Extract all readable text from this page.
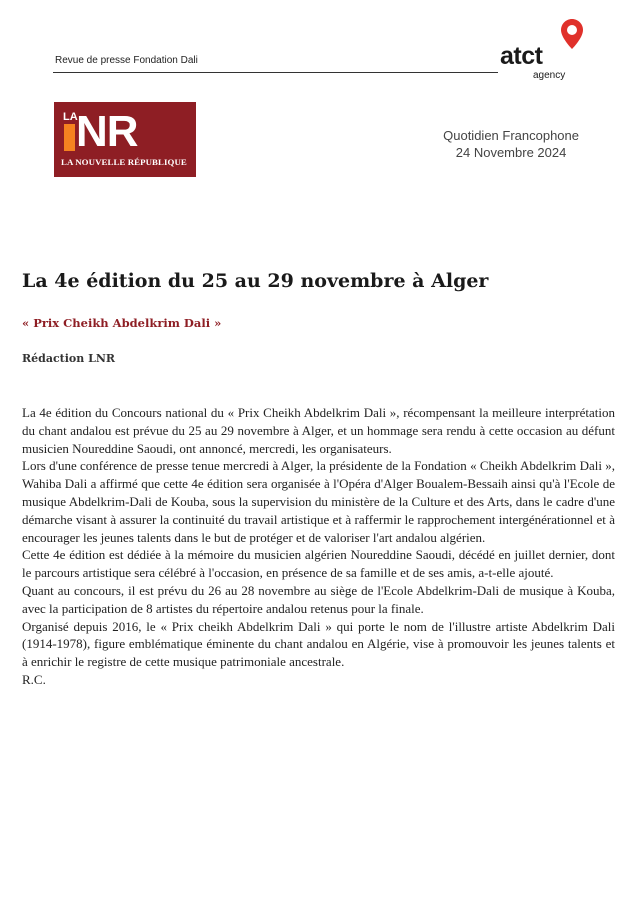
Revue de presse Fondation Dali	atct
agency
LA
NR
LA NOUVELLE RÉPUBLIQUE
Quotidien Francophone
24 Novembre 2024
La 4e édition du 25 au 29 novembre à Alger
« Prix Cheikh Abdelkrim Dali »
Rédaction LNR

La 4e édition du Concours national du « Prix Cheikh Abdelkrim Dali », récompensant la meilleure interprétation du chant andalou est prévue du 25 au 29 novembre à Alger, et un hommage sera rendu à cette occasion au défunt musicien Noureddine Saoudi, ont annoncé, mercredi, les organisateurs.

Lors d'une conférence de presse tenue mercredi à Alger, la présidente de la Fondation « Cheikh Abdelkrim Dali », Wahiba Dali a affirmé que cette 4e édition sera organisée à l'Opéra d'Alger Boualem-Bessaih ainsi qu'à l'Ecole de musique Abdelkrim-Dali de Kouba, sous la supervision du ministère de la Culture et des Arts, dans le cadre d'une démarche visant à assurer la continuité du travail artistique et à raffermir le rapprochement intergénérationnel et à encourager les jeunes talents dans le but de protéger et de valoriser l'art andalou algérien.

Cette 4e édition est dédiée à la mémoire du musicien algérien Noureddine Saoudi, décédé en juillet dernier, dont le parcours artistique sera célébré à l'occasion, en présence de sa famille et de ses amis, a-t-elle ajouté.

Quant au concours, il est prévu du 26 au 28 novembre au siège de l'Ecole Abdelkrim-Dali de musique à Kouba, avec la participation de 8 artistes du répertoire andalou retenus pour la finale.

Organisé depuis 2016, le « Prix cheikh Abdelkrim Dali » qui porte le nom de l'illustre artiste Abdelkrim Dali (1914-1978), figure emblématique éminente du chant andalou en Algérie, vise à promouvoir les jeunes talents et à enrichir le registre de cette musique patrimoniale ancestrale.

R.C.
